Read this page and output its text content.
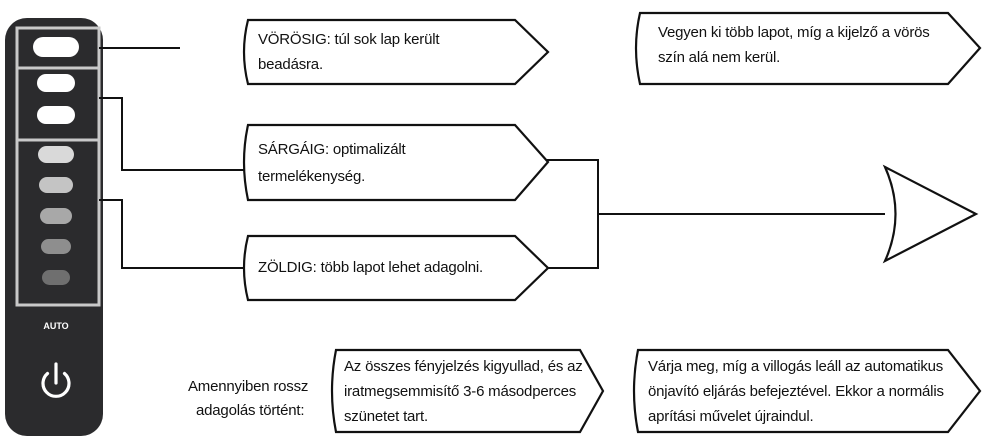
AUTO
VÖRÖSIG: túl sok lap került
beadásra.
SÁRGÁIG: optimalizált
termelékenység.
ZÖLDIG: több lapot lehet adagolni.
Vegyen ki több lapot, míg a kijelző a vörös
szín alá nem kerül.
Amennyiben rossz
adagolás történt:
Az összes fényjelzés kigyullad, és az
iratmegsemmisítő 3-6 másodperces
szünetet tart.
Várja meg, míg a villogás leáll az automatikus
önjavító eljárás befejeztével. Ekkor a normális
aprítási művelet újraindul.
